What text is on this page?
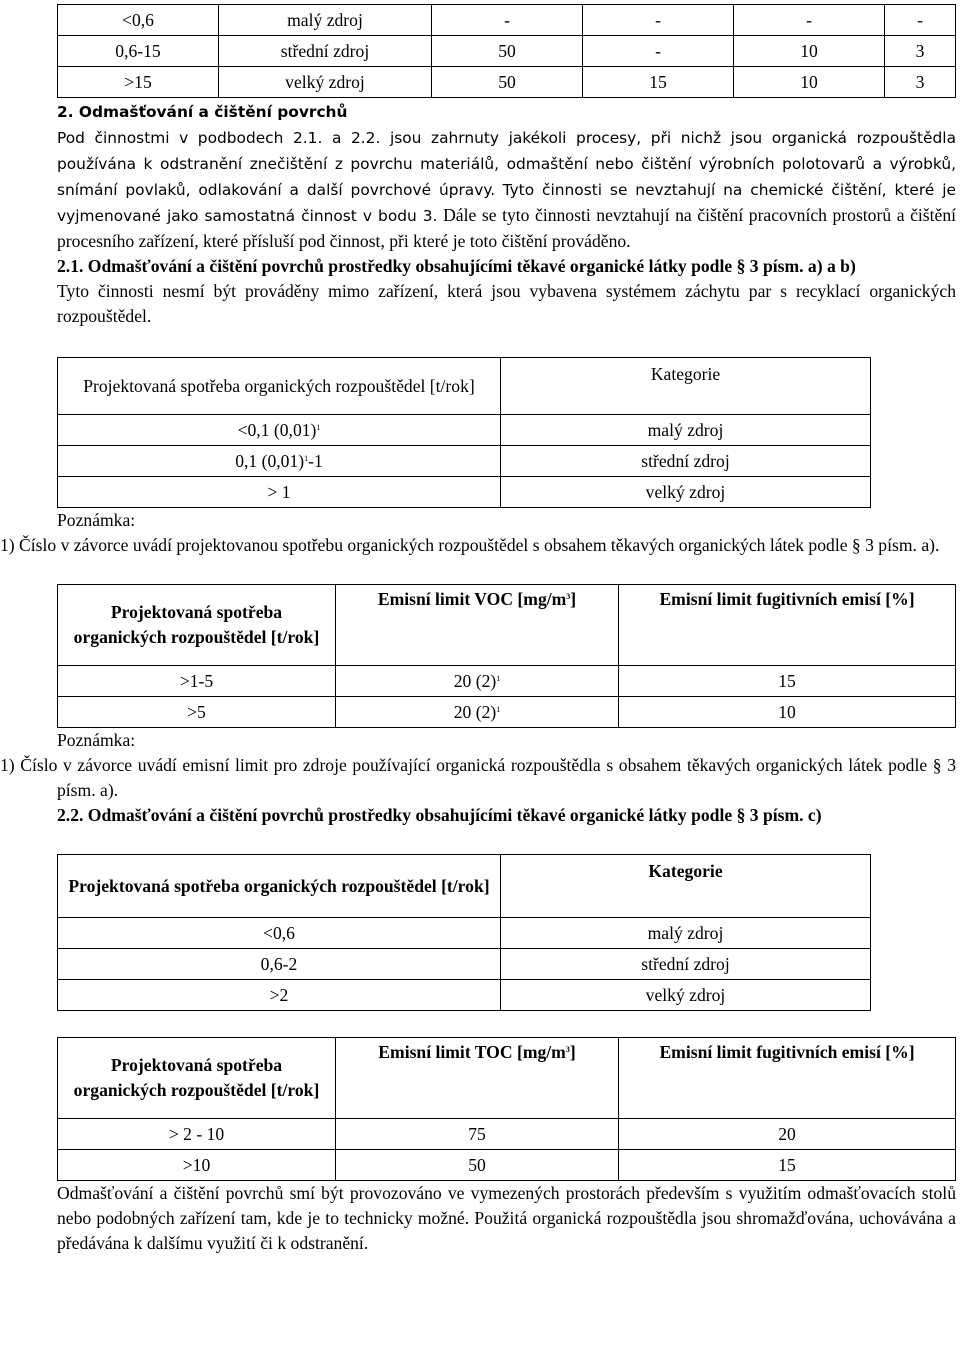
<0,6	malý zdroj	-	-	-	-
0,6-15	střední zdroj	50	-	10	3
>15	velký zdroj	50	15	10	3
2. Odmašťování a čištění povrchů

Pod činnostmi v podbodech 2.1. a 2.2. jsou zahrnuty jakékoli procesy, při nichž jsou organická rozpouštědla používána k odstranění znečištění z povrchu materiálů, odmaštění nebo čištění výrobních polotovarů a výrobků, snímání povlaků, odlakování a další povrchové úpravy. Tyto činnosti se nevztahují na chemické čištění, které je vyjmenované jako samostatná činnost v bodu 3. Dále se tyto činnosti nevztahují na čištění pracovních prostorů a čištění procesního zařízení, které přísluší pod činnost, při které je toto čištění prováděno.

2.1. Odmašťování a čištění povrchů prostředky obsahujícími těkavé organické látky podle § 3 písm. a) a b)

Tyto činnosti nesmí být prováděny mimo zařízení, která jsou vybavena systémem záchytu par s recyklací organických rozpouštědel.

Projektovaná spotřeba organických rozpouštědel [t/rok]	Kategorie
<0,1 $(0,01)^1$	malý zdroj
0,1 $(0,01)^1-1$	střední zdroj
> 1	velký zdroj
Poznámka:

1) Číslo v závorce uvádí projektovanou spotřebu organických rozpouštědel s obsahem těkavých organických látek podle § 3 písm. a).

Projektovaná spotřeba organických rozpouštědel [t/rok]	Emisní limit VOC $[mg/m^3]$	Emisní limit fugitivních emisí [%]
>1-5	20 $(2)^1$	15
>5	20 $(2)^1$	10
Poznámka:

1) Číslo v závorce uvádí emisní limit pro zdroje používající organická rozpouštědla s obsahem těkavých organických látek podle § 3 písm. a).

2.2. Odmašťování a čištění povrchů prostředky obsahujícími těkavé organické látky podle § 3 písm. c)
Projektovaná spotřeba organických rozpouštědel [t/rok]	Kategorie
<0,6	malý zdroj
0,6-2	střední zdroj
>2	velký zdroj
Projektovaná spotřeba organických rozpouštědel [t/rok]	Emisní limit TOC $[mg/m^3]$	Emisní limit fugitivních emisí [%]
> 2 - 10	75	20
>10	50	15

Odmašťování a čištění povrchů smí být provozováno ve vymezených prostorách především s využitím odmašťovacích stolů nebo podobných zařízení tam, kde je to technicky možné. Použitá organická rozpouštědla jsou shromažďována, uchovávána a předávána k dalšímu využití či k odstranění.
